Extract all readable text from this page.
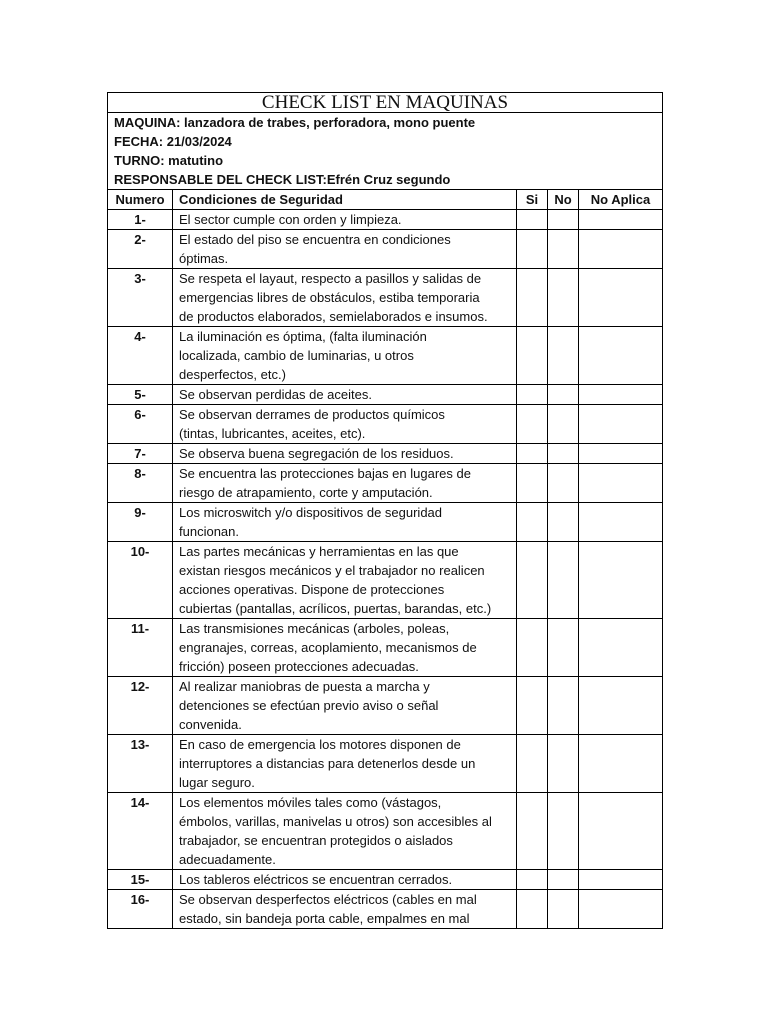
CHECK LIST EN MAQUINAS				

MAQUINA: lanzadora de trabes, perforadora, mono puente
FECHA: 21/03/2024
TURNO: matutino
RESPONSABLE DEL CHECK LIST:Efrén Cruz segundo				

Numero	Condiciones de Seguridad	Si	No	No Aplica
1-	El sector cumple con orden y limpieza.			

2-	El estado del piso se encuentra en condiciones
óptimas.			

3-	Se respeta el layaut, respecto a pasillos y salidas de
emergencias libres de obstáculos, estiba temporaria
de productos elaborados, semielaborados e insumos.			

4-	La iluminación es óptima, (falta iluminación
localizada, cambio de luminarias, u otros
desperfectos, etc.)			

5-	Se observan perdidas de aceites.			

6-	Se observan derrames de productos químicos
(tintas, lubricantes, aceites, etc).			

7-	Se observa buena segregación de los residuos.			

8-	Se encuentra las protecciones bajas en lugares de
riesgo de atrapamiento, corte y amputación.			

9-	Los microswitch y/o dispositivos de seguridad
funcionan.			

10-	Las partes mecánicas y herramientas en las que
existan riesgos mecánicos y el trabajador no realicen
acciones operativas. Dispone de protecciones
cubiertas (pantallas, acrílicos, puertas, barandas, etc.)			

11-	Las transmisiones mecánicas (arboles, poleas,
engranajes, correas, acoplamiento, mecanismos de
fricción) poseen protecciones adecuadas.			

12-	Al realizar maniobras de puesta a marcha y
detenciones se efectúan previo aviso o señal
convenida.			

13-	En caso de emergencia los motores disponen de
interruptores a distancias para detenerlos desde un
lugar seguro.			

14-	Los elementos móviles tales como (vástagos,
émbolos, varillas, manivelas u otros) son accesibles al
trabajador, se encuentran protegidos o aislados
adecuadamente.			

15-	Los tableros eléctricos se encuentran cerrados.			

16-	Se observan desperfectos eléctricos (cables en mal
estado, sin bandeja porta cable, empalmes en mal			
